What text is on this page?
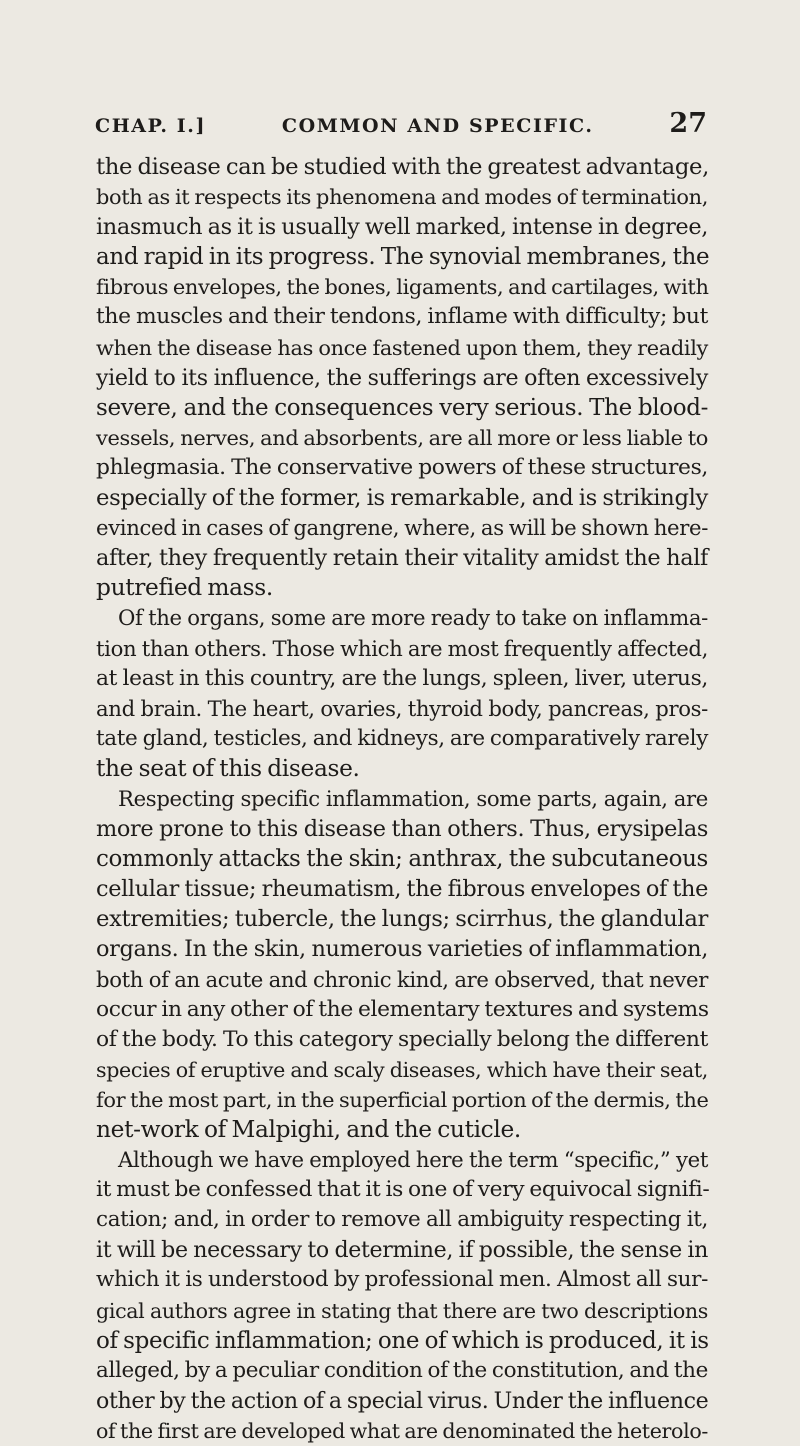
CHAP. I.]	COMMON AND SPECIFIC.	27
the disease can be studied with the greatest advantage,
both as it respects its phenomena and modes of termination,
inasmuch as it is usually well marked, intense in degree,
and rapid in its progress. The synovial membranes, the
fibrous envelopes, the bones, ligaments, and cartilages, with
the muscles and their tendons, inflame with difficulty; but
when the disease has once fastened upon them, they readily
yield to its influence, the sufferings are often excessively
severe, and the consequences very serious. The blood-
vessels, nerves, and absorbents, are all more or less liable to
phlegmasia. The conservative powers of these structures,
especially of the former, is remarkable, and is strikingly
evinced in cases of gangrene, where, as will be shown here-
after, they frequently retain their vitality amidst the half
putrefied mass.
Of the organs, some are more ready to take on inflamma-
tion than others. Those which are most frequently affected,
at least in this country, are the lungs, spleen, liver, uterus,
and brain. The heart, ovaries, thyroid body, pancreas, pros-
tate gland, testicles, and kidneys, are comparatively rarely
the seat of this disease.
Respecting specific inflammation, some parts, again, are
more prone to this disease than others. Thus, erysipelas
commonly attacks the skin; anthrax, the subcutaneous
cellular tissue; rheumatism, the fibrous envelopes of the
extremities; tubercle, the lungs; scirrhus, the glandular
organs. In the skin, numerous varieties of inflammation,
both of an acute and chronic kind, are observed, that never
occur in any other of the elementary textures and systems
of the body. To this category specially belong the different
species of eruptive and scaly diseases, which have their seat,
for the most part, in the superficial portion of the dermis, the
net-work of Malpighi, and the cuticle.
Although we have employed here the term “specific,” yet
it must be confessed that it is one of very equivocal signifi-
cation; and, in order to remove all ambiguity respecting it,
it will be necessary to determine, if possible, the sense in
which it is understood by professional men. Almost all sur-
gical authors agree in stating that there are two descriptions
of specific inflammation; one of which is produced, it is
alleged, by a peculiar condition of the constitution, and the
other by the action of a special virus. Under the influence
of the first are developed what are denominated the heterolo-
